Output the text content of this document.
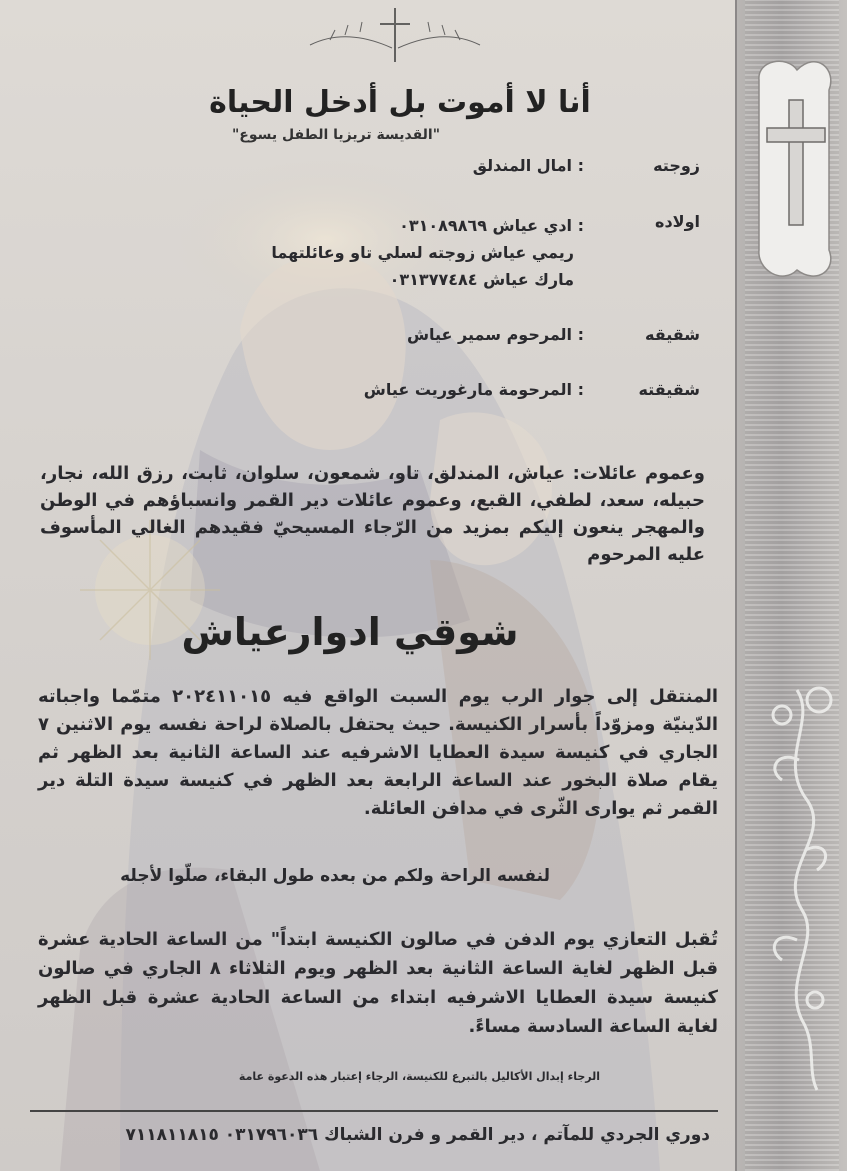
أنا لا أموت بل أدخل الحياة
"القديسة تريزيا الطفل يسوع"
زوجته
: امال المندلق
اولاده
: ادي عياش ٠٣١٠٨٩٨٦٩
ريمي عياش زوجته لسلي تاو وعائلتهما
مارك عياش ٠٣١٣٧٧٤٨٤
شقيقه
: المرحوم سمير عياش
شقيقته
: المرحومة مارغوريت عياش
وعموم عائلات: عياش، المندلق، تاو، شمعون، سلوان، ثابت، رزق الله، نجار، حبيله، سعد، لطفي، القبع، وعموم عائلات دير القمر وانسباؤهم في الوطن والمهجر ينعون إليكم بمزيد من الرّجاء المسيحيّ فقيدهم الغالي المأسوف عليه المرحوم
شوقي ادوارعياش
المنتقل إلى جوار الرب يوم السبت الواقع فيه ٢٠٢٤١١٠١٥ متمّما واجباته الدّينيّة ومزوّداً بأسرار الكنيسة. حيث يحتفل بالصلاة لراحة نفسه يوم الاثنين ٧ الجاري في كنيسة سيدة العطايا الاشرفيه عند الساعة الثانية بعد الظهر ثم يقام صلاة البخور عند الساعة الرابعة بعد الظهر في كنيسة سيدة التلة دير القمر ثم يوارى الثّرى في مدافن العائلة.
لنفسه الراحة ولكم من بعده طول البقاء، صلّوا لأجله
تُقبل التعازي يوم الدفن في صالون الكنيسة ابتداً" من الساعة الحادية عشرة قبل الظهر لغاية الساعة الثانية بعد الظهر ويوم الثلاثاء ٨ الجاري في صالون كنيسة سيدة العطايا الاشرفيه ابتداء من الساعة الحادية عشرة قبل الظهر لغاية الساعة السادسة مساءً.
الرجاء إبدال الأكاليل بالتبرع للكنيسة، الرجاء إعتبار هذه الدعوة عامة
دوري الجردي للمآتم ، دير القمر و فرن الشباك ٠٣١٧٩٦٠٣٦ ٧١١٨١١٨١٥
